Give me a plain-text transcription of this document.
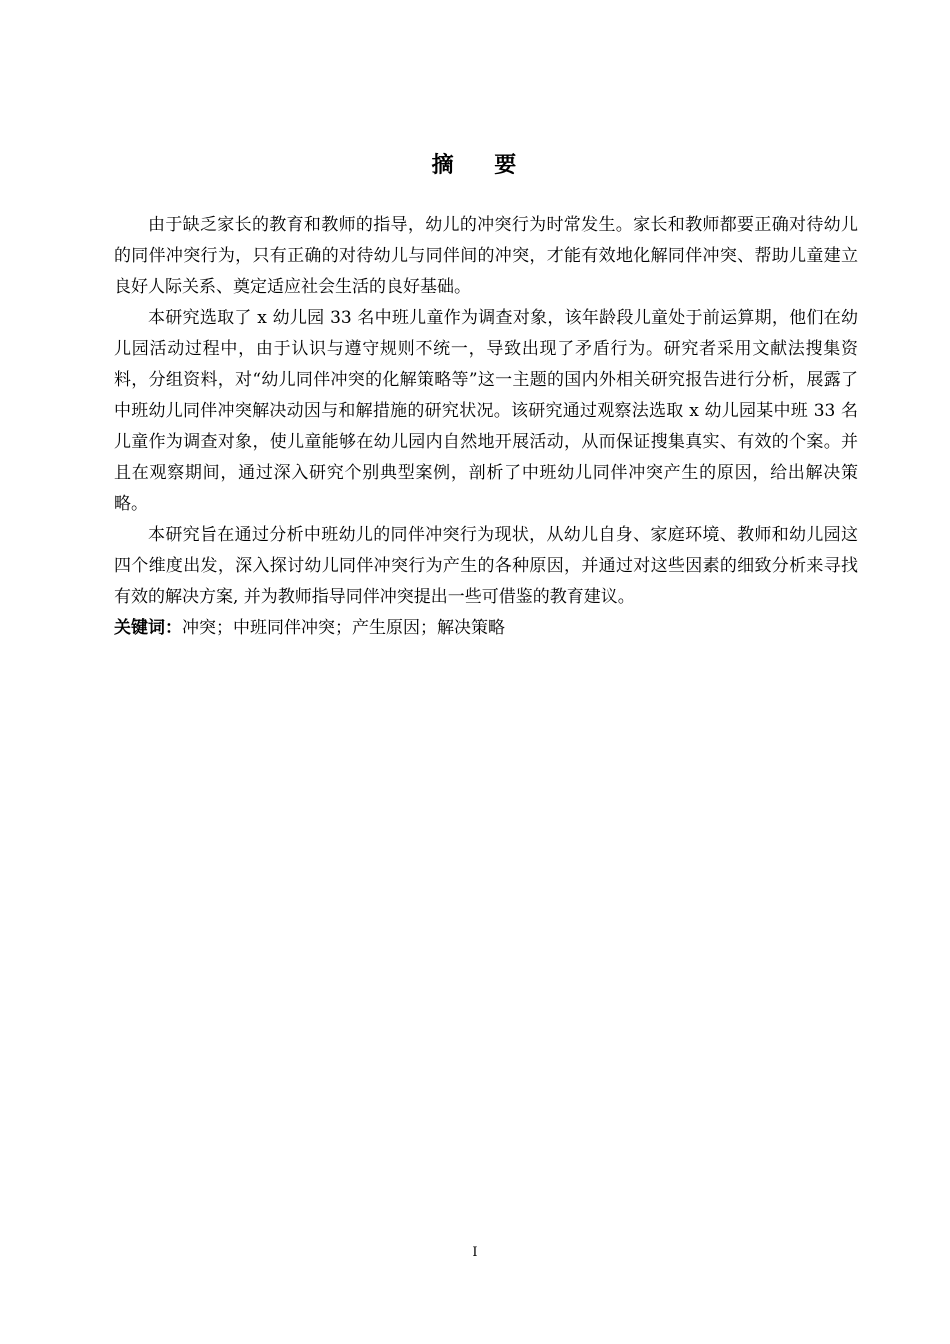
摘    要

由于缺乏家长的教育和教师的指导，幼儿的冲突行为时常发生。家长和教师都要正确对待幼儿的同伴冲突行为，只有正确的对待幼儿与同伴间的冲突，才能有效地化解同伴冲突、帮助儿童建立良好人际关系、奠定适应社会生活的良好基础。

本研究选取了 x 幼儿园 33 名中班儿童作为调查对象，该年龄段儿童处于前运算期，他们在幼儿园活动过程中，由于认识与遵守规则不统一，导致出现了矛盾行为。研究者采用文献法搜集资料，分组资料，对“幼儿同伴冲突的化解策略等”这一主题的国内外相关研究报告进行分析，展露了中班幼儿同伴冲突解决动因与和解措施的研究状况。该研究通过观察法选取 x 幼儿园某中班 33 名儿童作为调查对象，使儿童能够在幼儿园内自然地开展活动，从而保证搜集真实、有效的个案。并且在观察期间，通过深入研究个别典型案例，剖析了中班幼儿同伴冲突产生的原因，给出解决策略。

本研究旨在通过分析中班幼儿的同伴冲突行为现状，从幼儿自身、家庭环境、教师和幼儿园这四个维度出发，深入探讨幼儿同伴冲突行为产生的各种原因，并通过对这些因素的细致分析来寻找有效的解决方案, 并为教师指导同伴冲突提出一些可借鉴的教育建议。

关键词：冲突；中班同伴冲突；产生原因；解决策略

I
